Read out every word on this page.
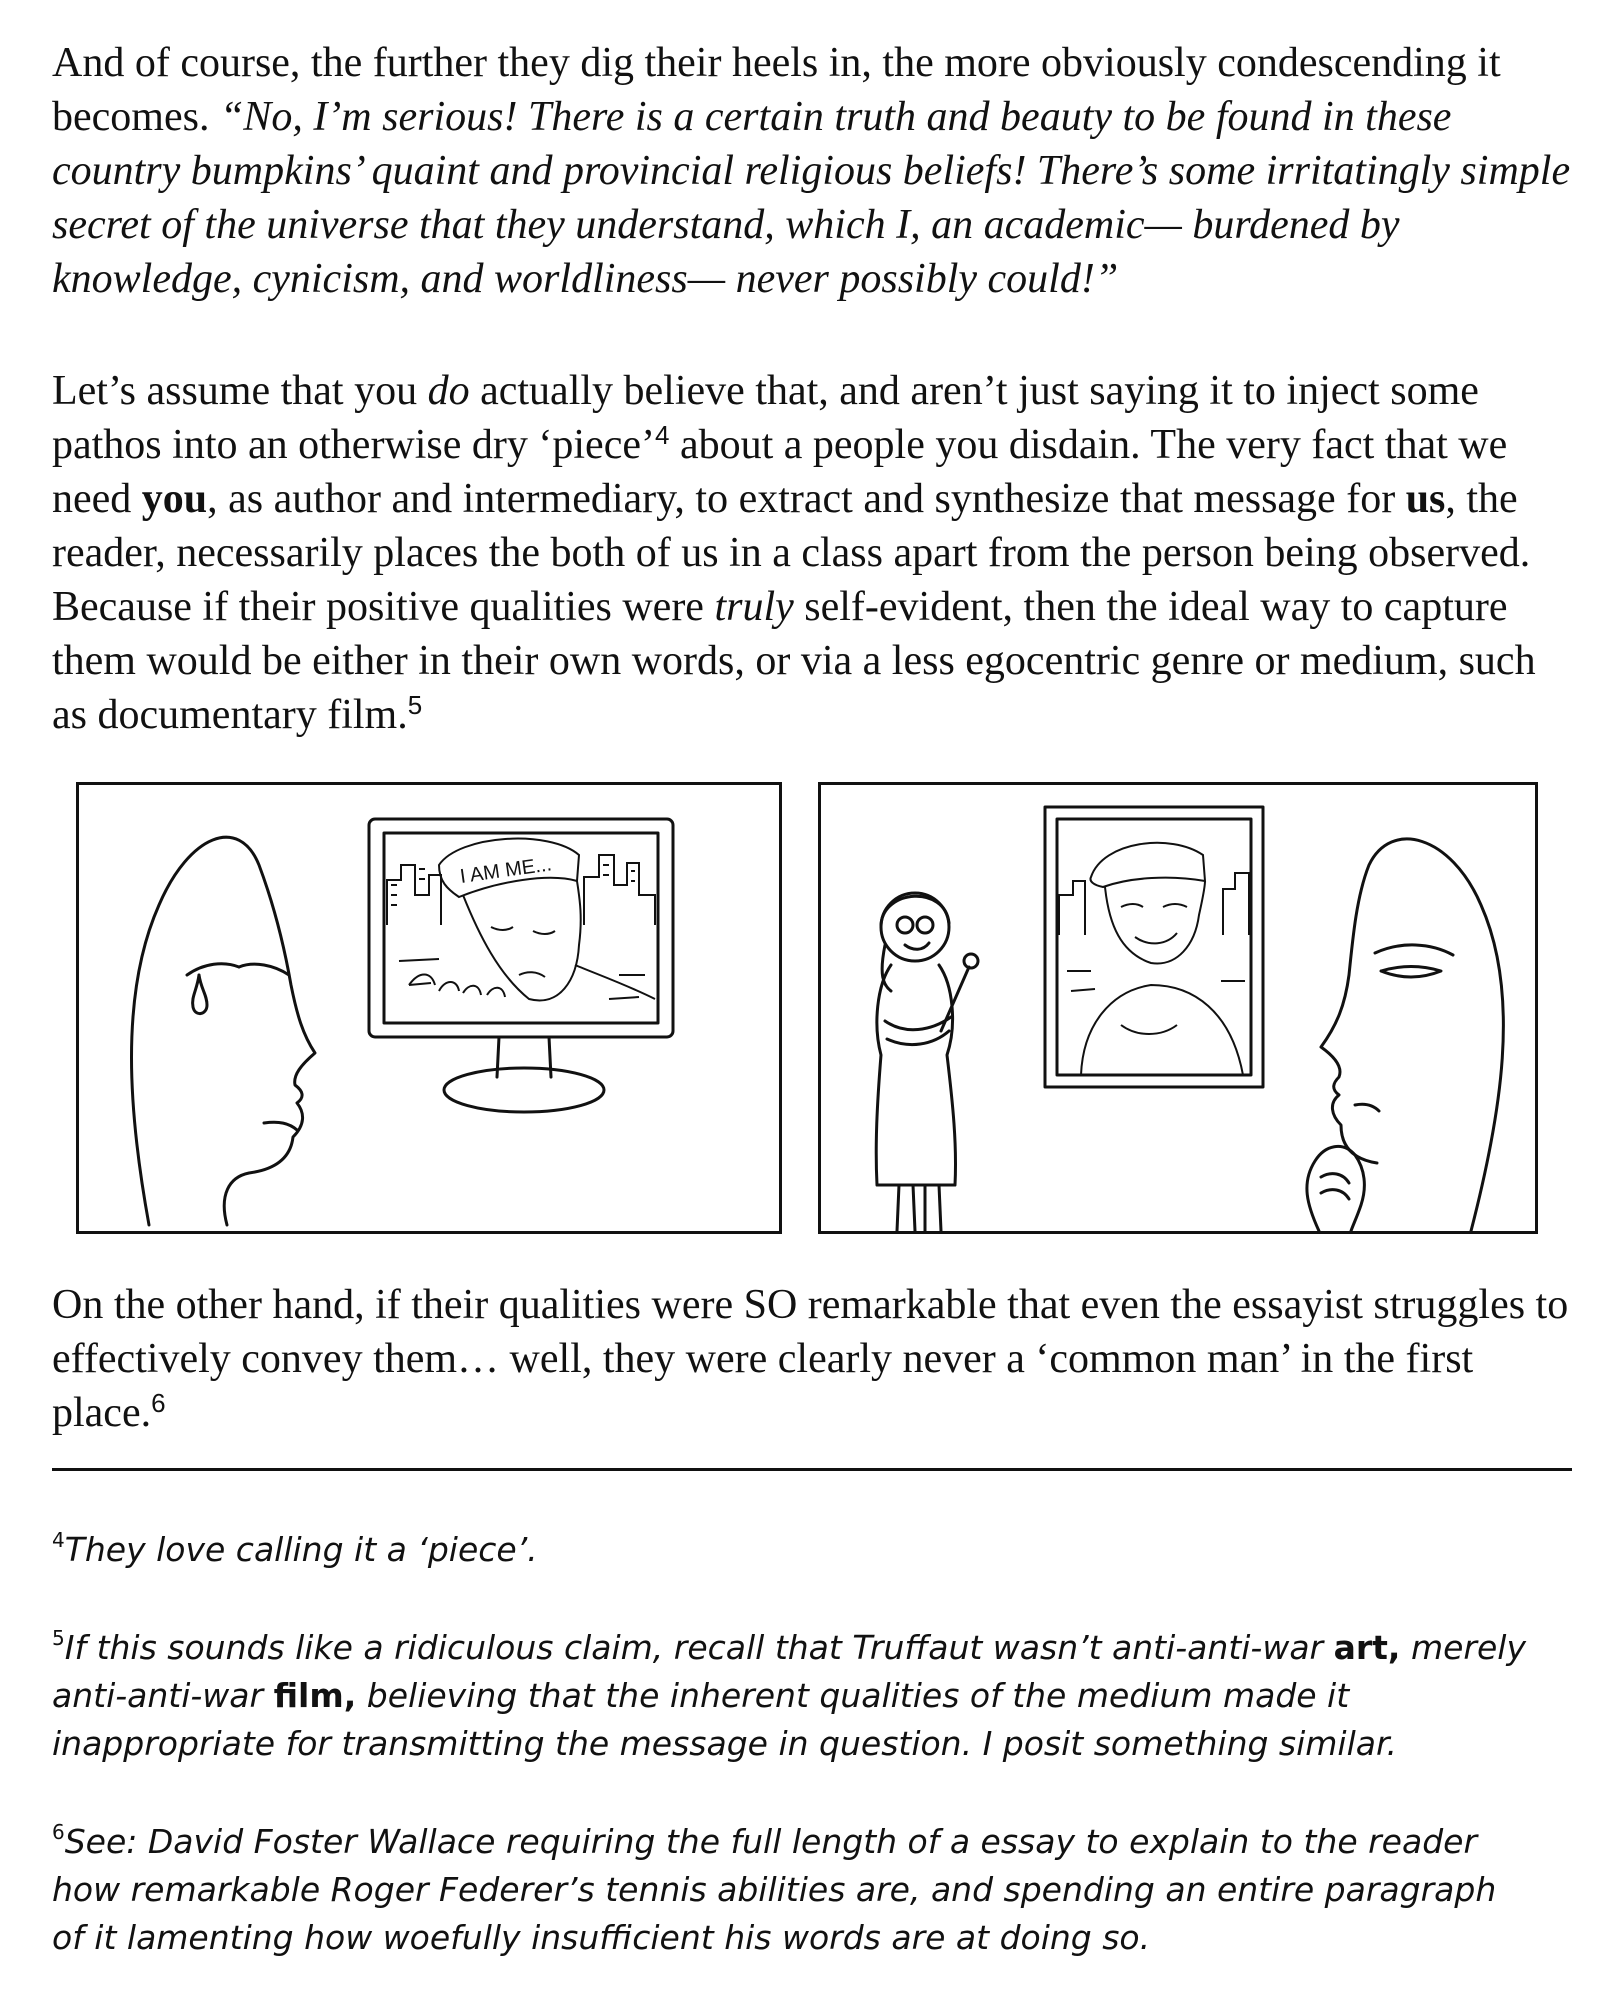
And of course, the further they dig their heels in, the more obviously condescending it becomes. “No, I’m serious! There is a certain truth and beauty to be found in these country bumpkins’ quaint and provincial religious beliefs! There’s some irritatingly simple secret of the universe that they understand, which I, an academic— burdened by knowledge, cynicism, and worldliness— never possibly could!”

Let’s assume that you do actually believe that, and aren’t just saying it to inject some pathos into an otherwise dry ‘piece’$^4$ about a people you disdain. The very fact that we need you, as author and intermediary, to extract and synthesize that message for us, the reader, necessarily places the both of us in a class apart from the person being observed. Because if their positive qualities were truly self-evident, then the ideal way to capture them would be either in their own words, or via a less egocentric genre or medium, such as documentary film.$^5$

I AM ME...

On the other hand, if their qualities were SO remarkable that even the essayist struggles to effectively convey them… well, they were clearly never a ‘common man’ in the first place.$^6$

$^4$They love calling it a ‘piece’.

$^5$If this sounds like a ridiculous claim, recall that Truffaut wasn’t anti-anti-war art, merely anti-anti-war film, believing that the inherent qualities of the medium made it inappropriate for transmitting the message in question. I posit something similar.

$^6$See: David Foster Wallace requiring the full length of a essay to explain to the reader how remarkable Roger Federer’s tennis abilities are, and spending an entire paragraph of it lamenting how woefully insufficient his words are at doing so.
